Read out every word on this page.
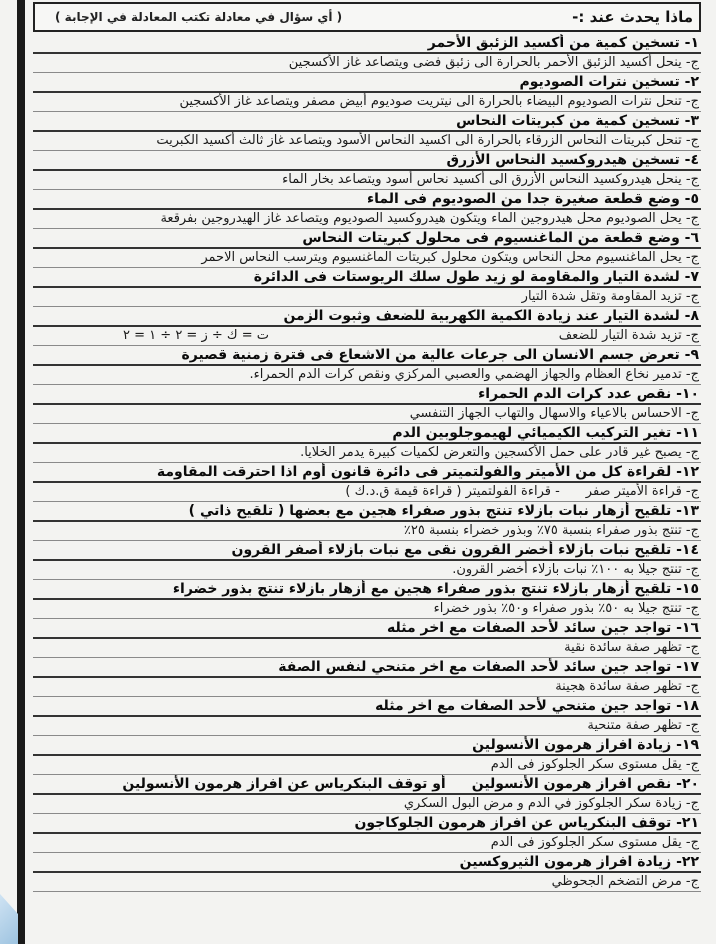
ماذا يحدث عند :-
( أي سؤال في معادلة تكتب المعادلة في الإجابة )
١- تسخين كمية من أكسيد الزئبق الأحمر
ج- ينحل أكسيد الزئبق الأحمر بالحرارة الى زئبق فضى ويتصاعد غاز الأكسجين
٢- تسخين نترات الصوديوم
ج- تنحل نترات الصوديوم البيضاء بالحرارة الى نيتريت صوديوم أبيض مصفر ويتصاعد غاز الأكسجين
٣- تسخين كمية من كبريتات النحاس
ج- تنحل كبريتات النحاس الزرقاء بالحرارة الى اكسيد النحاس الأسود ويتصاعد غاز ثالث أكسيد الكبريت
٤- تسخين هيدروكسيد النحاس الأزرق
ج- ينحل هيدروكسيد النحاس الأزرق الى أكسيد نحاس أسود ويتصاعد بخار الماء
٥- وضع قطعة صغيرة جدا من الصوديوم فى الماء
ج- يحل الصوديوم محل هيدروجين الماء ويتكون هيدروكسيد الصوديوم ويتصاعد غاز الهيدروجين بفرقعة
٦- وضع قطعة من الماغنسيوم فى محلول كبريتات النحاس
ج- يحل الماغنسيوم محل النحاس ويتكون محلول كبريتات الماغنسيوم ويترسب النحاس الاحمر
٧- لشدة التيار والمقاومة لو زيد طول سلك الريوستات فى الدائرة
ج- تزيد المقاومة وتقل شدة التيار
٨- لشدة التيار عند زيادة الكمية الكهربية للضعف وثبوت الزمن
ج- تزيد شدة التيار للضعف
ت = ك ÷ ز = ٢ ÷ ١ = ٢
٩- تعرض جسم الانسان الى جرعات عالية من الاشعاع فى فترة زمنية قصيرة
ج- تدمير نخاع العظام والجهاز الهضمي والعصبي المركزي ونقص كرات الدم الحمراء.
١٠- نقص عدد كرات الدم الحمراء
ج- الاحساس بالاعياء والاسهال والتهاب الجهاز التنفسي
١١- تغير التركيب الكيميائي لهيموجلوبين الدم
ج- يصبح غير قادر على حمل الأكسجين والتعرض لكميات كبيرة يدمر الخلايا.
١٢- لقراءة كل من الأميتر والفولتميتر فى دائرة قانون أوم اذا احترقت المقاومة
ج- قراءة الأميتر صفر
- قراءة الفولتميتر ( قراءة قيمة ق.د.ك )
١٣- تلقيح أزهار نبات بازلاء تنتج بذور صفراء هجين مع بعضها ( تلقيح ذاتي )
ج- تنتج بذور صفراء بنسبة ٧٥٪ وبذور خضراء بنسبة ٢٥٪
١٤- تلقيح نبات بازلاء أخضر القرون نقى مع نبات بازلاء أصفر القرون
ج- تنتج جيلا به ١٠٠٪ نبات بازلاء أخضر القرون.
١٥- تلقيح أزهار بازلاء تنتج بذور صفراء هجين مع أزهار بازلاء تنتج بذور خضراء
ج- تنتج جيلا به ٥٠٪ بذور صفراء و٥٠٪ بذور خضراء
١٦- تواجد جين سائد لأحد الصفات مع اخر مثله
ج- تظهر صفة سائدة نقية
١٧- تواجد جين سائد لأحد الصفات مع اخر متنحي لنفس الصفة
ج- تظهر صفة سائدة هجينة
١٨- تواجد جين متنحي لأحد الصفات مع اخر مثله
ج- تظهر صفة متنحية
١٩- زيادة افراز هرمون الأنسولين
ج- يقل مستوى سكر الجلوكوز فى الدم
٢٠- نقص افراز هرمون الأنسولين
أو توقف البنكرياس عن افراز هرمون الأنسولين
ج- زيادة سكر الجلوكوز في الدم و مرض البول السكري
٢١- توقف البنكرياس عن افراز هرمون الجلوكاجون
ج- يقل مستوى سكر الجلوكوز فى الدم
٢٢- زيادة افراز هرمون الثيروكسين
ج- مرض التضخم الجحوظي
